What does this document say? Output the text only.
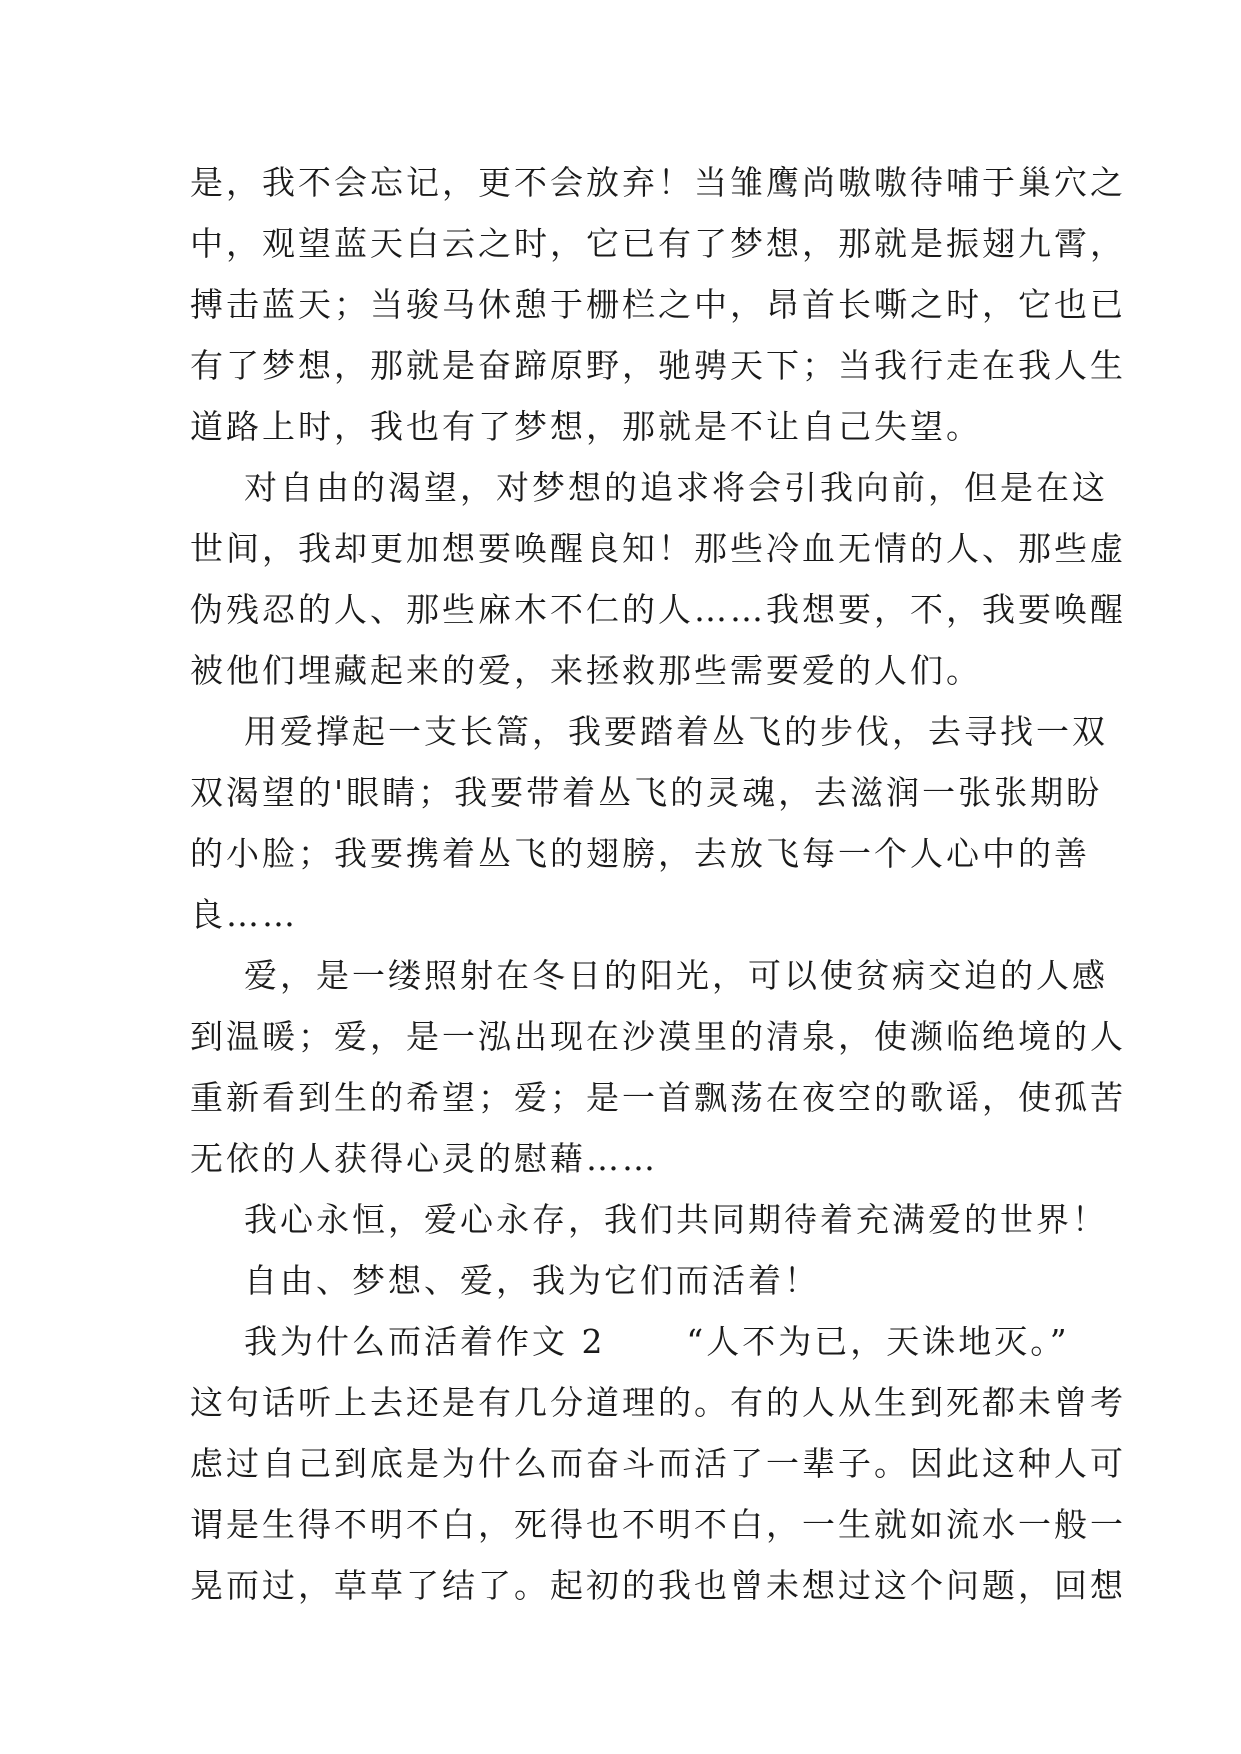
是，我不会忘记，更不会放弃！当雏鹰尚嗷嗷待哺于巢穴之
中，观望蓝天白云之时，它已有了梦想，那就是振翅九霄，
搏击蓝天；当骏马休憩于栅栏之中，昂首长嘶之时，它也已
有了梦想，那就是奋蹄原野，驰骋天下；当我行走在我人生
道路上时，我也有了梦想，那就是不让自己失望。
对自由的渴望，对梦想的追求将会引我向前，但是在这
世间，我却更加想要唤醒良知！那些冷血无情的人、那些虚
伪残忍的人、那些麻木不仁的人……我想要，不，我要唤醒
被他们埋藏起来的爱，来拯救那些需要爱的人们。
用爱撑起一支长篙，我要踏着丛飞的步伐，去寻找一双
双渴望的'眼睛；我要带着丛飞的灵魂，去滋润一张张期盼
的小脸；我要携着丛飞的翅膀，去放飞每一个人心中的善
良……
爱，是一缕照射在冬日的阳光，可以使贫病交迫的人感
到温暖；爱，是一泓出现在沙漠里的清泉，使濒临绝境的人
重新看到生的希望；爱；是一首飘荡在夜空的歌谣，使孤苦
无依的人获得心灵的慰藉……
我心永恒，爱心永存，我们共同期待着充满爱的世界！
自由、梦想、爱，我为它们而活着！
我为什么而活着作文 2      “人不为已，天诛地灭。”
这句话听上去还是有几分道理的。有的人从生到死都未曾考
虑过自己到底是为什么而奋斗而活了一辈子。因此这种人可
谓是生得不明不白，死得也不明不白，一生就如流水一般一
晃而过，草草了结了。起初的我也曾未想过这个问题，回想
